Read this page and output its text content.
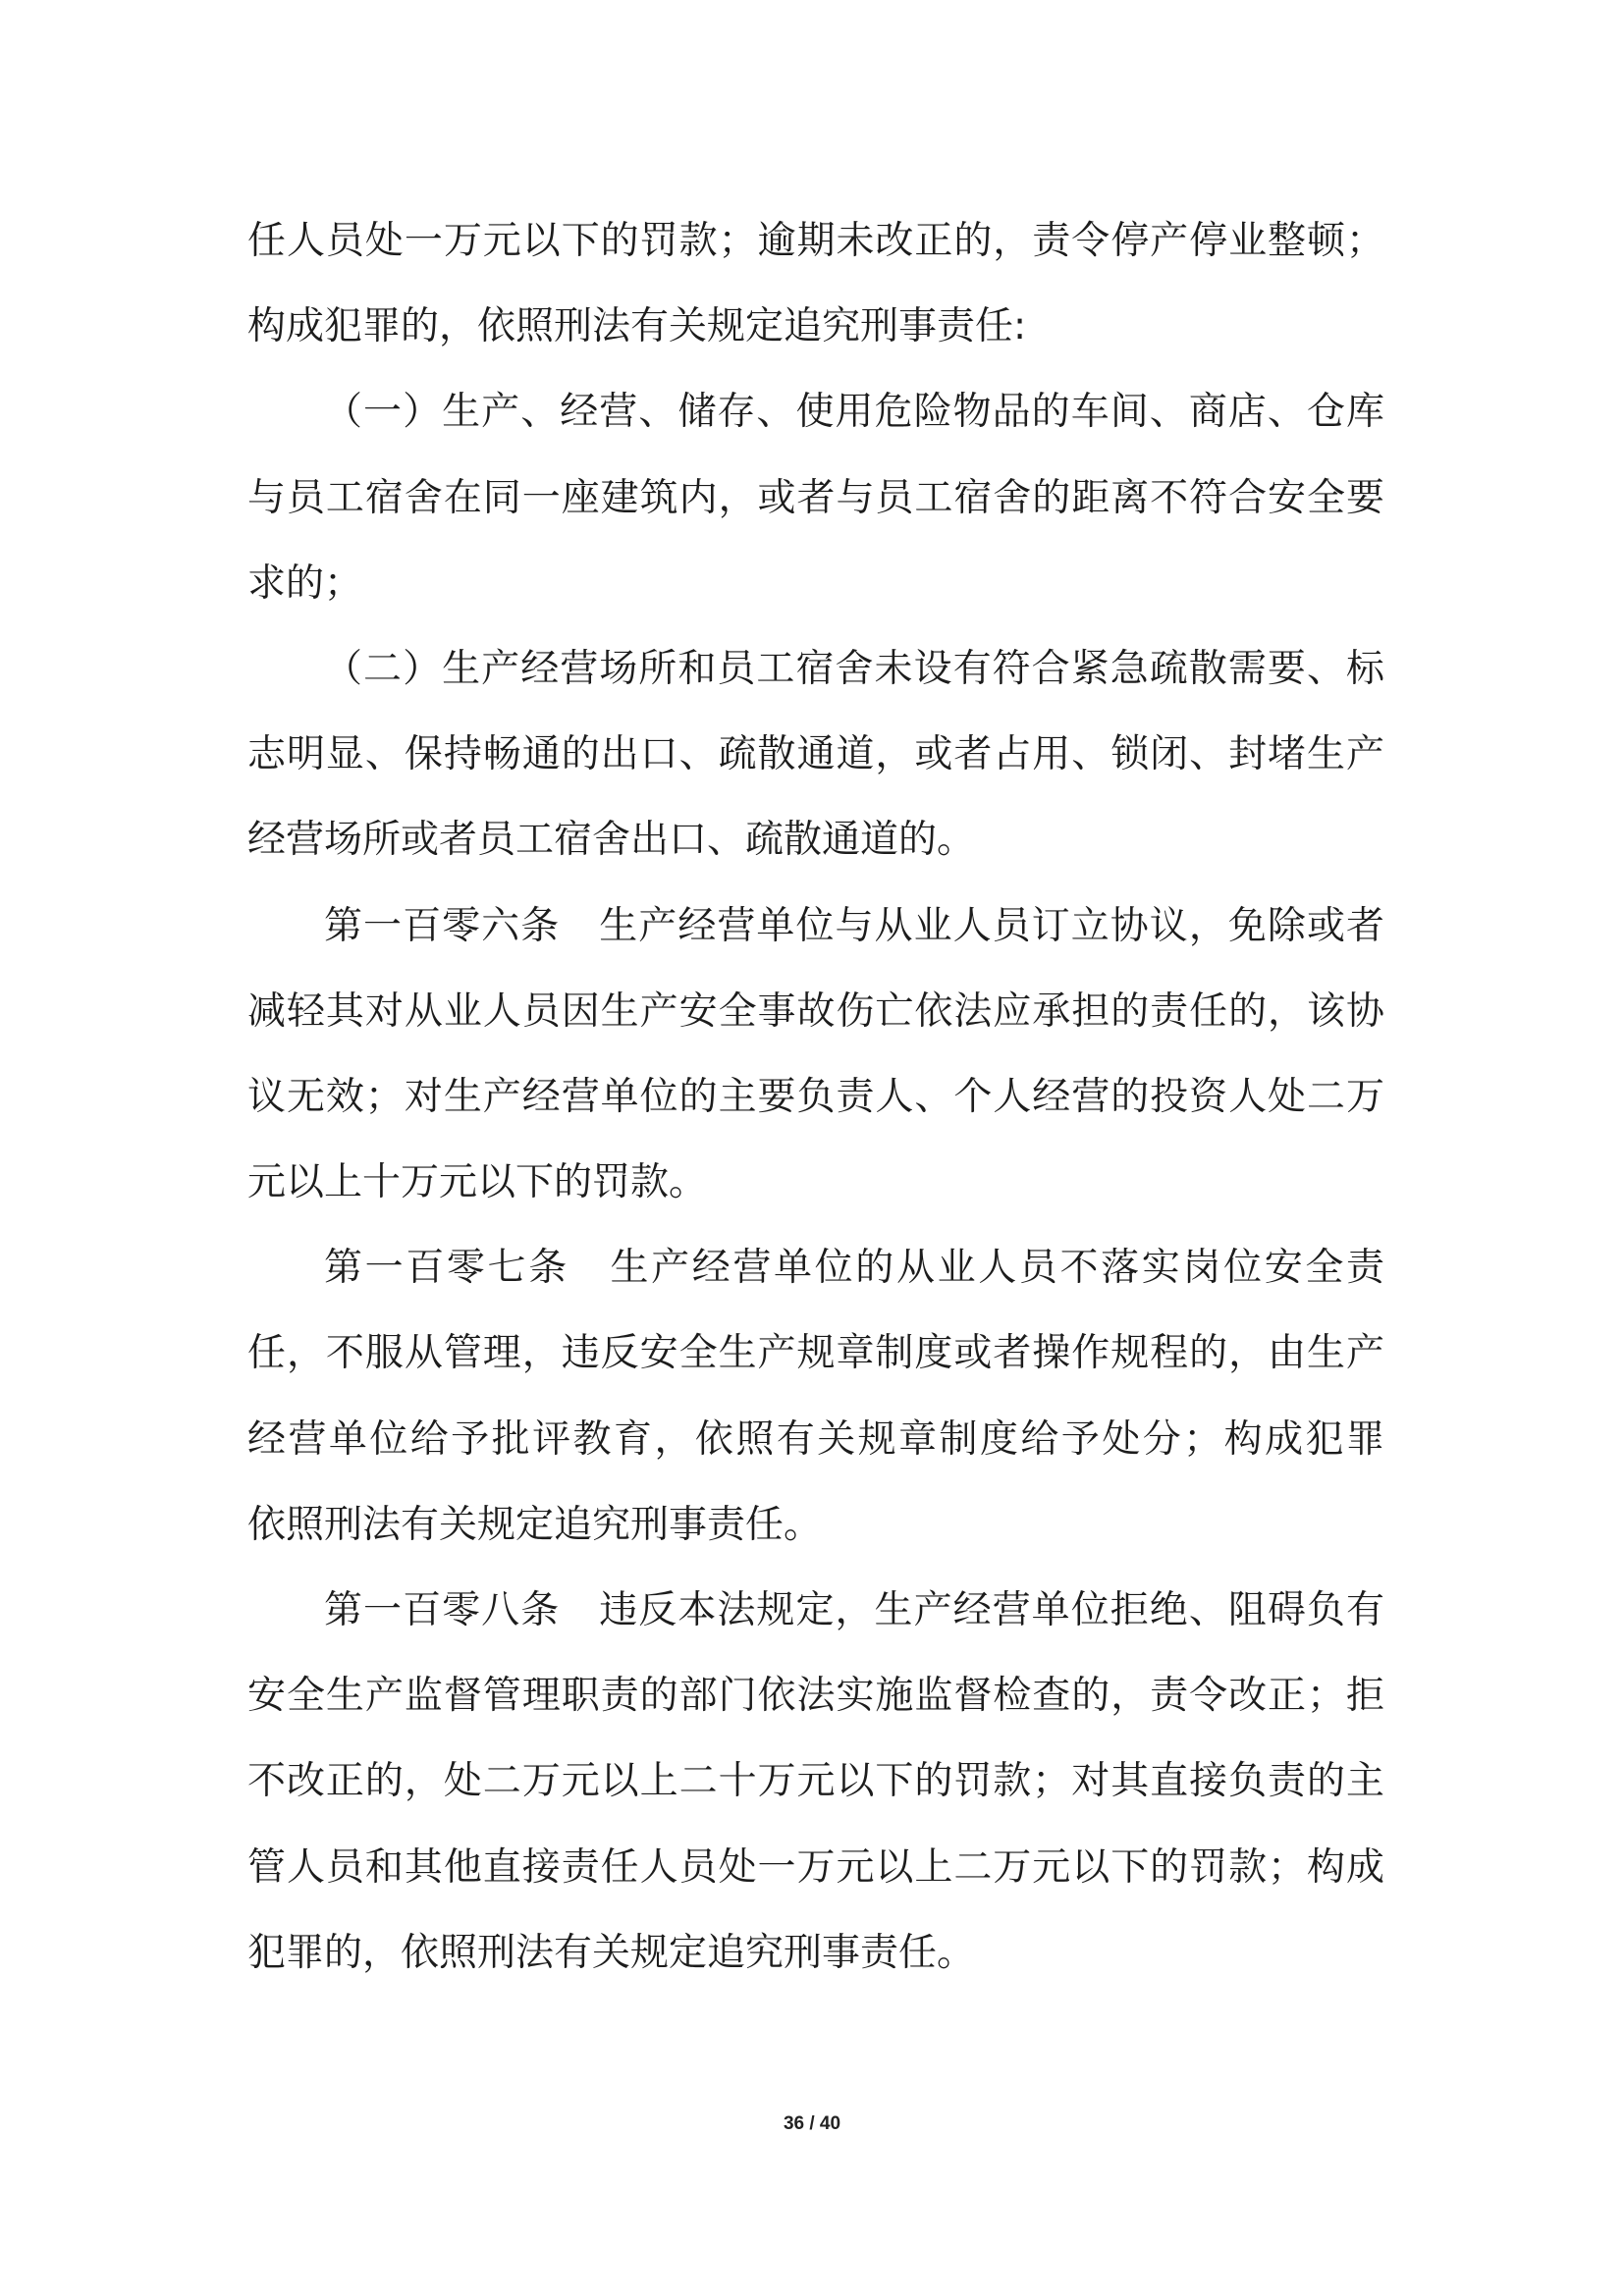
任人员处一万元以下的罚款；逾期未改正的，责令停产停业整顿；
构成犯罪的，依照刑法有关规定追究刑事责任:
（一）生产、经营、储存、使用危险物品的车间、商店、仓库
与员工宿舍在同一座建筑内，或者与员工宿舍的距离不符合安全要
求的；
（二）生产经营场所和员工宿舍未设有符合紧急疏散需要、标
志明显、保持畅通的出口、疏散通道，或者占用、锁闭、封堵生产
经营场所或者员工宿舍出口、疏散通道的。
第一百零六条　生产经营单位与从业人员订立协议，免除或者
减轻其对从业人员因生产安全事故伤亡依法应承担的责任的，该协
议无效；对生产经营单位的主要负责人、个人经营的投资人处二万
元以上十万元以下的罚款。
第一百零七条　生产经营单位的从业人员不落实岗位安全责
任，不服从管理，违反安全生产规章制度或者操作规程的，由生产
经营单位给予批评教育，依照有关规章制度给予处分；构成犯罪
依照刑法有关规定追究刑事责任。
第一百零八条　违反本法规定，生产经营单位拒绝、阻碍负有
安全生产监督管理职责的部门依法实施监督检查的，责令改正；拒
不改正的，处二万元以上二十万元以下的罚款；对其直接负责的主
管人员和其他直接责任人员处一万元以上二万元以下的罚款；构成
犯罪的，依照刑法有关规定追究刑事责任。
36 / 40
